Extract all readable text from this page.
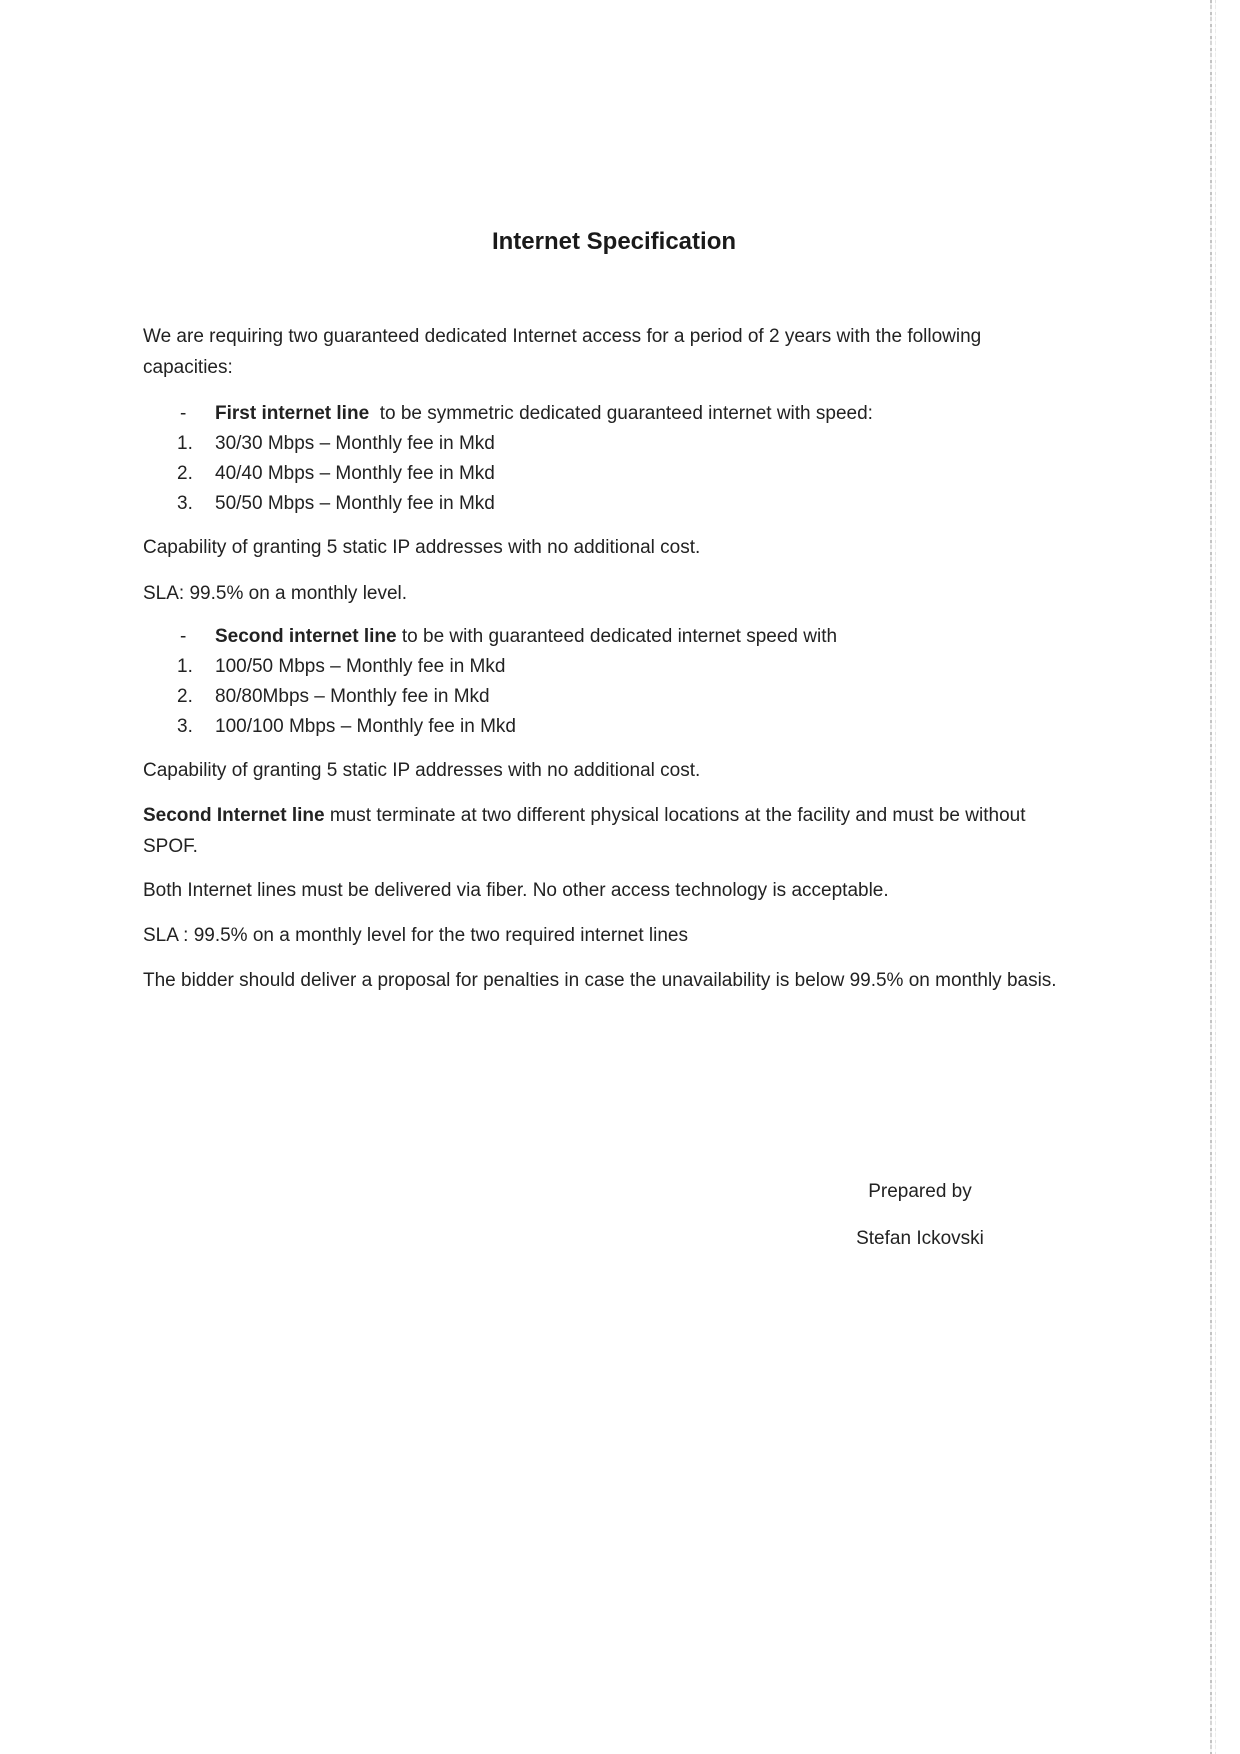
Internet Specification

We are requiring two guaranteed dedicated Internet access for a period of 2 years with the following capacities:

- First internet line  to be symmetric dedicated guaranteed internet with speed:
1. 30/30 Mbps – Monthly fee in Mkd
2. 40/40 Mbps – Monthly fee in Mkd
3. 50/50 Mbps – Monthly fee in Mkd

Capability of granting 5 static IP addresses with no additional cost.

SLA: 99.5% on a monthly level.

- Second internet line to be with guaranteed dedicated internet speed with
1. 100/50 Mbps – Monthly fee in Mkd
2. 80/80Mbps – Monthly fee in Mkd
3. 100/100 Mbps – Monthly fee in Mkd

Capability of granting 5 static IP addresses with no additional cost.

Second Internet line must terminate at two different physical locations at the facility and must be without SPOF.

Both Internet lines must be delivered via fiber. No other access technology is acceptable.

SLA : 99.5% on a monthly level for the two required internet lines

The bidder should deliver a proposal for penalties in case the unavailability is below 99.5% on monthly basis.

Prepared by

Stefan Ickovski
